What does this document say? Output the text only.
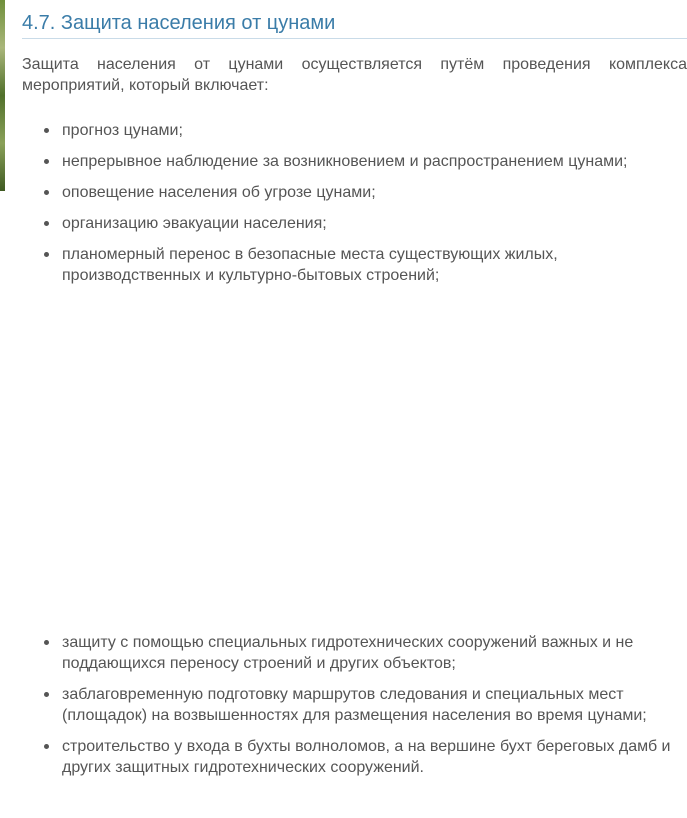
4.7. Защита населения от цунами

Защита населения от цунами осуществляется путём проведения комплекса мероприятий, который включает:

прогноз цунами;
непрерывное наблюдение за возникновением и распространением цунами;
оповещение населения об угрозе цунами;
организацию эвакуации населения;
планомерный перенос в безопасные места существующих жилых, производственных и культурно-бытовых строений;
защиту с помощью специальных гидротехнических сооружений важных и не поддающихся переносу строений и других объектов;
заблаговременную подготовку маршрутов следования и специальных мест (площадок) на возвышенностях для размещения населения во время цунами;
строительство у входа в бухты волноломов, а на вершине бухт береговых дамб и других защитных гидротехнических сооружений.
